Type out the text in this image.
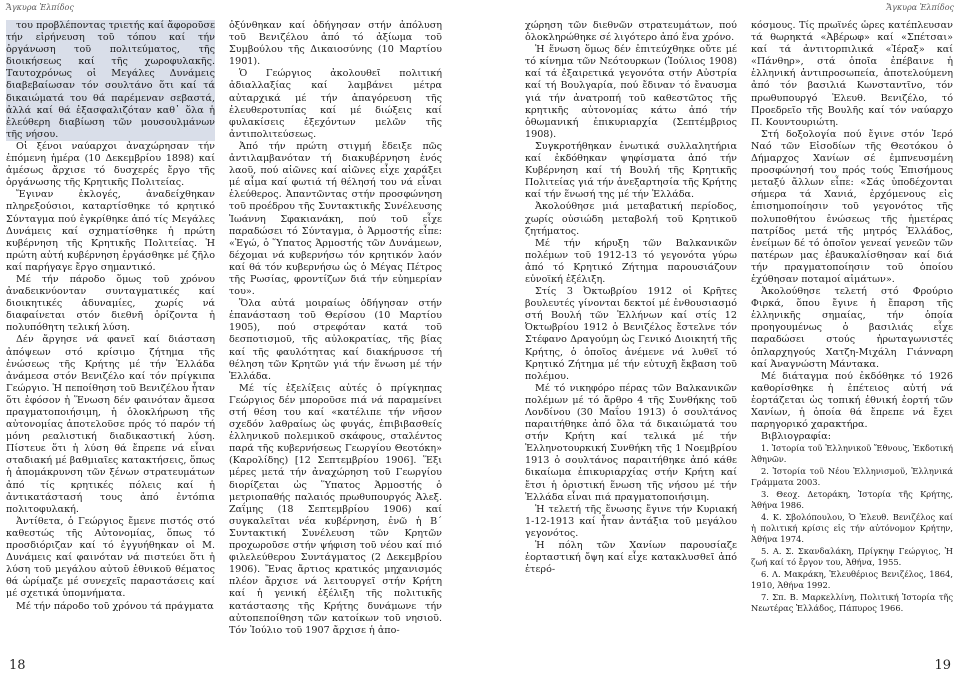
Ἄγκυρα Ἐλπίδος

του προβλέποντας τριετής καί ἄφοροῦσε τήν εἰρήνευση τοῦ τόπου καί τήν ὀργάνωση τοῦ πολιτεύματος, τῆς διοικήσεως καί τῆς χωροφυλακῆς. Ταυτοχρόνως οἱ Μεγάλες Δυνάμεις διαβεβαίωσαν τόν σουλτάνο ὅτι καί τά δικαιώματά του θά παρέμεναν σεβαστά, ἀλλά καί θά ἐξασφαλιζόταν καθ᾽ ὅλα ἡ ἐλεύθερη διαβίωση τῶν μουσουλμάνων τῆς νήσου.

Οἱ ξένοι ναύαρχοι ἀναχώρησαν τήν ἐπόμενη ἡμέρα (10 Δεκεμβρίου 1898) καί ἀμέσως ἄρχισε τό δυσχερές ἔργο τῆς ὀργάνωσης τῆς Κρητικῆς Πολιτείας.

Ἔγιναν ἐκλογές, ἀναδείχθηκαν πληρεξούσιοι, καταρτίσθηκε τό κρητικό Σύνταγμα πού ἐγκρίθηκε ἀπό τίς Μεγάλες Δυνάμεις καί σχηματίσθηκε ἡ πρώτη κυβέρνηση τῆς Κρητικῆς Πολιτείας. Ἡ πρώτη αὐτή κυβέρνηση ἐργάσθηκε μέ ζῆλο καί παρήγαγε ἔργο σημαντικό.

Μέ τήν πάροδο ὅμως τοῦ χρόνου ἀναδεικνύονταν συνταγματικές καί διοικητικές ἀδυναμίες, χωρίς νά διαφαίνεται στόν διεθνῆ ὁρίζοντα ἡ πολυπόθητη τελική λύση.

Δέν ἄργησε νά φανεῖ καί διάσταση ἀπόψεων στό κρίσιμο ζήτημα τῆς ἑνώσεως τῆς Κρήτης μέ τήν Ἑλλάδα ἀνάμεσα στόν Βενιζέλο καί τόν πρίγκιπα Γεώργιο. Ἡ πεποίθηση τοῦ Βενιζέλου ἦταν ὅτι ἐφόσον ἡ Ἕνωση δέν φαινόταν ἄμεσα πραγματοποιήσιμη, ἡ ὁλοκλήρωση τῆς αὐτονομίας ἀποτελοῦσε πρός τό παρόν τή μόνη ρεαλιστική διαδικαστική λύση. Πίστευε ὅτι ἡ λύση θά ἔπρεπε νά εἶναι σταδιακή μέ βαθμιαῖες κατακτήσεις, ὅπως ἡ ἀπομάκρυνση τῶν ξένων στρατευμάτων ἀπό τίς κρητικές πόλεις καί ἡ ἀντικατάστασή τους ἀπό ἐντόπια πολιτοφυλακή.

Ἀντίθετα, ὁ Γεώργιος ἔμενε πιστός στό καθεστώς τῆς Αὐτονομίας, ὅπως τό προσδιόριζαν καί τό ἐγγυήθηκαν οἱ Μ. Δυνάμεις καί φαινόταν νά πιστεύει ὅτι ἡ λύση τοῦ μεγάλου αὐτοῦ ἐθνικοῦ θέματος θά ὡρίμαζε μέ συνεχεῖς παραστάσεις καί μέ σχετικά ὑπομνήματα.

Μέ τήν πάροδο τοῦ χρόνου τά πράγματα

ὀξύνθηκαν καί ὁδήγησαν στήν ἀπόλυση τοῦ Βενιζέλου ἀπό τό ἀξίωμα τοῦ Συμβούλου τῆς Δικαιοσύνης (10 Μαρτίου 1901).

Ὁ Γεώργιος ἀκολουθεῖ πολιτική ἀδιαλλαξίας καί λαμβάνει μέτρα αὐταρχικά μέ τήν ἀπαγόρευση τῆς ἐλευθεροτυπίας καί μέ διώξεις καί φυλακίσεις ἐξεχόντων μελῶν τῆς ἀντιπολιτεύσεως.

Ἀπό τήν πρώτη στιγμή ἔδειξε πῶς ἀντιλαμβανόταν τή διακυβέρνηση ἑνός λαοῦ, πού αἰῶνες καί αἰῶνες εἶχε χαράξει μέ αἷμα καί φωτιά τή θέλησή του νά εἶναι ἐλεύθερος. Ἀπαντῶντας στήν προσφώνηση τοῦ προέδρου τῆς Συντακτικῆς Συνέλευσης Ἰωάννη Σφακιανάκη, πού τοῦ εἶχε παραδώσει τό Σύνταγμα, ὁ Ἁρμοστής εἶπε: «Ἐγώ, ὁ Ὕπατος Ἁρμοστής τῶν Δυνάμεων, δέχομαι νά κυβερνήσω τόν κρητικόν λαόν καί θά τόν κυβερνήσω ὡς ὁ Μέγας Πέτρος τῆς Ρωσίας, φροντίζων διά τήν εὐημερίαν του».

Ὅλα αὐτά μοιραίως ὁδήγησαν στήν ἐπανάσταση τοῦ Θερίσου (10 Μαρτίου 1905), πού στρεφόταν κατά τοῦ δεσποτισμοῦ, τῆς αὐλοκρατίας, τῆς βίας καί τῆς φαυλότητας καί διακήρυσσε τή θέληση τῶν Κρητῶν γιά τήν ἕνωση μέ τήν Ἑλλάδα.

Μέ τίς ἐξελίξεις αὐτές ὁ πρίγκηπας Γεώργιος δέν μποροῦσε πιά νά παραμείνει στή θέση του καί «κατέλιπε τήν νῆσον σχεδόν λαθραίως ὡς φυγάς, ἐπιβιβασθείς ἑλληνικοῦ πολεμικοῦ σκάφους, σταλέντος παρά τῆς κυβερνήσεως Γεωργίου Θεοτόκη» (Καρολίδης) [12 Σεπτεμβρίου 1906]. Ἕξι μέρες μετά τήν ἀναχώρηση τοῦ Γεωργίου διορίζεται ὡς Ὕπατος Ἁρμοστής ὁ μετριοπαθής παλαιός πρωθυπουργός Ἀλεξ. Ζαΐμης (18 Σεπτεμβρίου 1906) καί συγκαλεῖται νέα κυβέρνηση, ἐνῶ ἡ Β´ Συντακτική Συνέλευση τῶν Κρητῶν προχωροῦσε στήν ψήφιση τοῦ νέου καί πιό φιλελεύθερου Συντάγματος (2 Δεκεμβρίου 1906). Ἔνας ἄρτιος κρατικός μηχανισμός πλέον ἄρχισε νά λειτουργεῖ στήν Κρήτη καί ἡ γενική ἐξέλιξη τῆς πολιτικῆς κατάστασης τῆς Κρήτης δυνάμωνε τήν αὐτοπεποίθηση τῶν κατοίκων τοῦ νησιοῦ. Τόν Ἰούλιο τοῦ 1907 ἄρχισε ἡ ἀπο-

18
Ἄγκυρα Ἐλπίδος

χώρηση τῶν διεθνῶν στρατευμάτων, πού ὁλοκληρώθηκε σέ λιγότερο ἀπό ἕνα χρόνο.

Ἡ ἕνωση ὅμως δέν ἐπιτεύχθηκε οὔτε μέ τό κίνημα τῶν Νεότουρκων (Ἰούλιος 1908) καί τά ἐξαιρετικά γεγονότα στήν Αὐστρία καί τή Βουλγαρία, πού ἔδιναν τό ἔναυσμα γιά τήν ἀνατροπή τοῦ καθεστῶτος τῆς κρητικῆς αὐτονομίας κάτω ἀπό τήν ὀθωμανική ἐπικυριαρχία (Σεπτέμβριος 1908).

Συγκροτήθηκαν ἐνωτικά συλλαλητήρια καί ἐκδόθηκαν ψηφίσματα ἀπό τήν Κυβέρνηση καί τή Βουλή τῆς Κρητικῆς Πολιτείας γιά τήν ἀνεξαρτησία τῆς Κρήτης καί τήν ἕνωσή της μέ τήν Ἑλλάδα.

Ἀκολούθησε μιά μεταβατική περίοδος, χωρίς οὐσιώδη μεταβολή τοῦ Κρητικοῦ ζητήματος.

Μέ τήν κήρυξη τῶν Βαλκανικῶν πολέμων τοῦ 1912-13 τό γεγονότα γύρω ἀπό τό Κρητικό Ζήτημα παρουσιάζουν εὐνοϊκή ἐξέλιξη.

Στίς 3 Ὀκτωβρίου 1912 οἱ Κρῆτες βουλευτές γίνονται δεκτοί μέ ἐνθουσιασμό στή Βουλή τῶν Ἑλλήνων καί στίς 12 Ὀκτωβρίου 1912 ὁ Βενιζέλος ἔστελνε τόν Στέφανο Δραγούμη ὡς Γενικό Διοικητή τῆς Κρήτης, ὁ ὁποῖος ἀνέμενε νά λυθεῖ τό Κρητικό Ζήτημα μέ τήν εὐτυχῆ ἔκβαση τοῦ πολέμου.

Μέ τό νικηφόρο πέρας τῶν Βαλκανικῶν πολέμων μέ τό ἄρθρο 4 τῆς Συνθήκης τοῦ Λονδίνου (30 Μαΐου 1913) ὁ σουλτάνος παραιτήθηκε ἀπό ὅλα τά δικαιώματά του στήν Κρήτη καί τελικά μέ τήν Ἑλληνοτουρκική Συνθήκη τῆς 1 Νοεμβρίου 1913 ὁ σουλτάνος παραιτήθηκε ἀπό κάθε δικαίωμα ἐπικυριαρχίας στήν Κρήτη καί ἔτσι ἡ ὁριστική ἕνωση τῆς νήσου μέ τήν Ἑλλάδα εἶναι πιά πραγματοποιήσιμη.

Ἡ τελετή τῆς ἕνωσης ἔγινε τήν Κυριακή 1-12-1913 καί ἦταν ἀντάξια τοῦ μεγάλου γεγονότος.

Ἡ πόλη τῶν Χανίων παρουσίαζε ἑορταστική ὄψη καί εἶχε κατακλυσθεῖ ἀπό ἑτερό-

κόσμους. Τίς πρωϊνές ὧρες κατέπλευσαν τά θωρηκτά «Ἀβέρωφ» καί «Σπέτσαι» καί τά ἀντιτορπιλικά «Ἱέραξ» καί «Πάνθηρ», στά ὁποῖα ἐπέβαινε ἡ ἑλληνική ἀντιπροσωπεία, ἀποτελούμενη ἀπό τόν βασιλιά Κωνσταντῖνο, τόν πρωθυπουργό Ἐλευθ. Βενιζέλο, τό Προεδρεῖο τῆς Βουλῆς καί τόν ναύαρχο Π. Κουντουριώτη.

Στή δοξολογία πού ἔγινε στόν Ἱερό Ναό τῶν Εἰσοδίων τῆς Θεοτόκου ὁ Δήμαρχος Χανίων σέ ἐμπνευσμένη προσφώνησή του πρός τούς Ἐπισήμους μεταξύ ἄλλων εἶπε: «Σάς ὑποδέχονται σήμερα τά Χανιά, ἐρχόμενους εἰς ἐπισημοποίησιν τοῦ γεγονότος τῆς πολυποθήτου ἑνώσεως τῆς ἡμετέρας πατρίδος μετά τῆς μητρός Ἑλλάδος, ἐνείμων δέ τό ὁποῖον γενεαί γενεῶν τῶν πατέρων μας ἐβαυκαλίσθησαν καί διά τήν πραγματοποίησιν τοῦ ὁποίου ἐχύθησαν ποταμοί αἱμάτων».

Ἀκολούθησε τελετή στό Φρούριο Φιρκά, ὅπου ἔγινε ἡ ἔπαρση τῆς ἑλληνικῆς σημαίας, τήν ὁποία προηγουμένως ὁ βασιλιάς εἶχε παραδώσει στούς ἡρωταγωνιστές ὁπλαρχηγούς Χατζη-Μιχάλη Γιάνναρη καί Ἀναγνώστη Μάντακα.

Μέ διάταγμα πού ἐκδόθηκε τό 1926 καθορίσθηκε ἡ ἐπέτειος αὐτή νά ἑορτάζεται ὡς τοπική ἐθνική ἑορτή τῶν Χανίων, ἡ ὁποία θά ἔπρεπε νά ἔχει παρηγορικό χαρακτήρα.

Βιβλιογραφία:

1. Ἱστορία τοῦ Ἑλληνικοῦ Ἔθνους, Ἐκδοτική Ἀθηνῶν.
2. Ἱστορία τοῦ Νέου Ἑλληνισμοῦ, Ἑλληνικά Γράμματα 2003.
3. Θεοχ. Δετοράκη, Ἱστορία τῆς Κρήτης, Ἀθήνα 1986.
4. Κ. Σβολόπουλου, Ὁ Ἐλευθ. Βενιζέλος καί ἡ πολιτική κρίσις εἰς τήν αὐτόνομον Κρήτην, Ἀθήνα 1974.
5. Α. Σ. Σκανδαλάκη, Πρίγκηψ Γεώργιος, Ἡ ζωή καί τό ἔργον του, Ἀθήνα, 1955.
6. Λ. Μακράκη, Ἐλευθέριος Βενιζέλος, 1864, 1910, Ἀθήνα 1992.
7. Σπ. Β. Μαρκελλίνη, Πολιτική Ἱστορία τῆς Νεωτέρας Ἑλλάδος, Πάπυρος 1966.
19
